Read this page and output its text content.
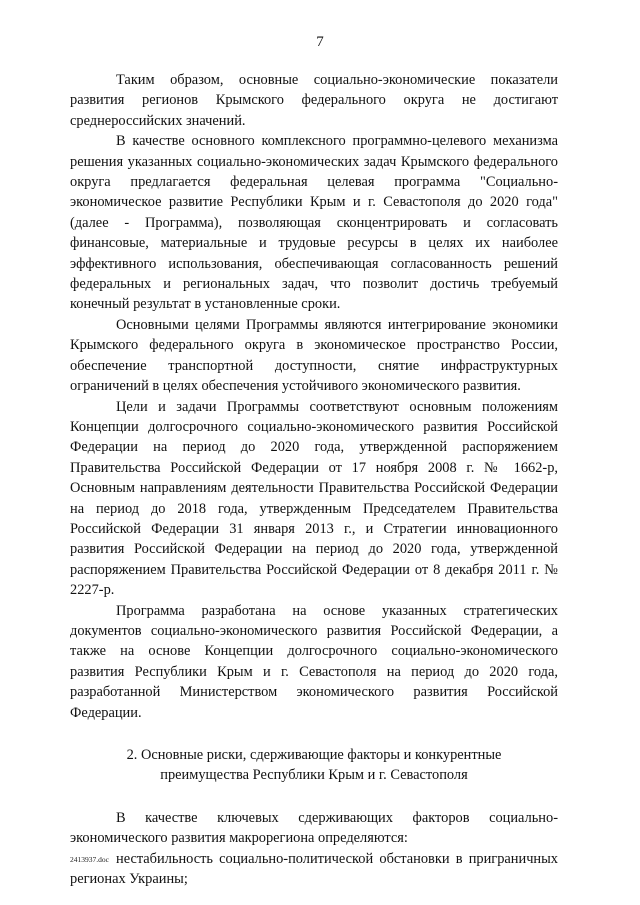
7

Таким образом, основные социально-экономические показатели развития регионов Крымского федерального округа не достигают среднероссийских значений.

В качестве основного комплексного программно-целевого механизма решения указанных социально-экономических задач Крымского федерального округа предлагается федеральная целевая программа "Социально-экономическое развитие Республики Крым и г. Севастополя до 2020 года" (далее - Программа), позволяющая сконцентрировать и согласовать финансовые, материальные и трудовые ресурсы в целях их наиболее эффективного использования, обеспечивающая согласованность решений федеральных и региональных задач, что позволит достичь требуемый конечный результат в установленные сроки.

Основными целями Программы являются интегрирование экономики Крымского федерального округа в экономическое пространство России, обеспечение транспортной доступности, снятие инфраструктурных ограничений в целях обеспечения устойчивого экономического развития.

Цели и задачи Программы соответствуют основным положениям Концепции долгосрочного социально-экономического развития Российской Федерации на период до 2020 года, утвержденной распоряжением Правительства Российской Федерации от 17 ноября 2008 г. № 1662-р, Основным направлениям деятельности Правительства Российской Федерации на период до 2018 года, утвержденным Председателем Правительства Российской Федерации 31 января 2013 г., и Стратегии инновационного развития Российской Федерации на период до 2020 года, утвержденной распоряжением Правительства Российской Федерации от 8 декабря 2011 г. № 2227-р.

Программа разработана на основе указанных стратегических документов социально-экономического развития Российской Федерации, а также на основе Концепции долгосрочного социально-экономического развития Республики Крым и г. Севастополя на период до 2020 года, разработанной Министерством экономического развития Российской Федерации.

2. Основные риски, сдерживающие факторы и конкурентные
преимущества Республики Крым и г. Севастополя

В качестве ключевых сдерживающих факторов социально-экономического развития макрорегиона определяются:

нестабильность социально-политической обстановки в приграничных регионах Украины;

2413937.doc
